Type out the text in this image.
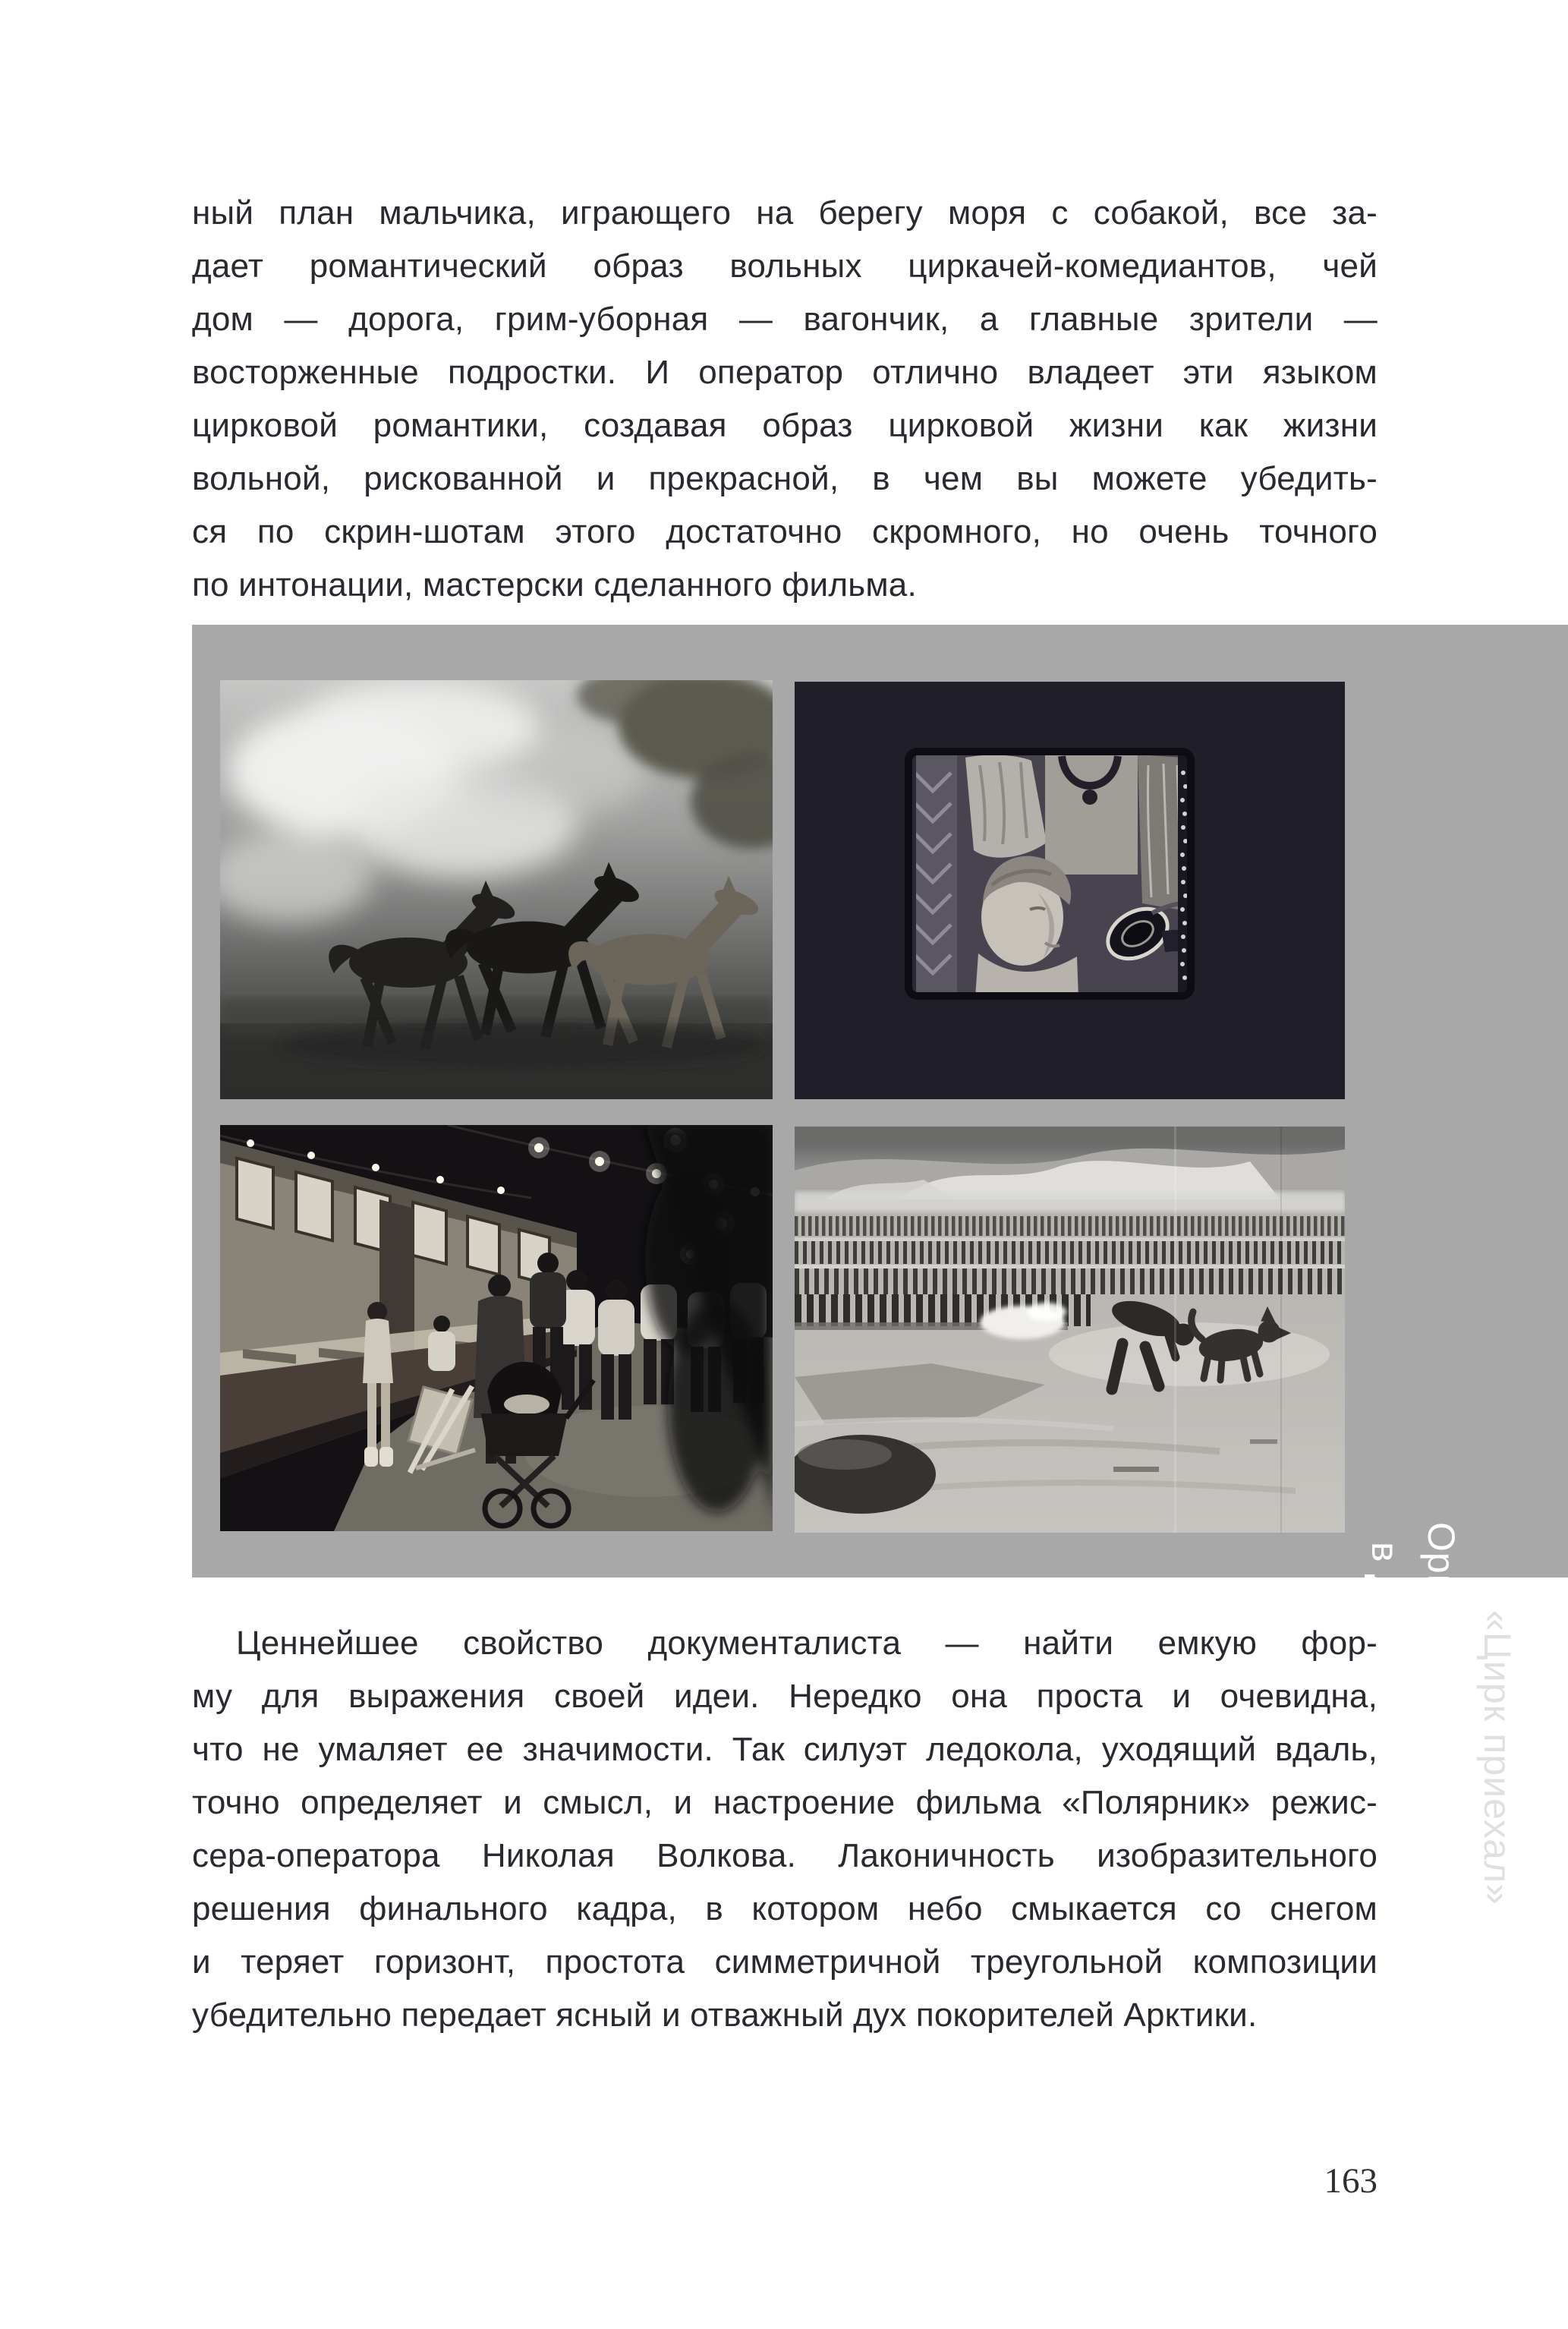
ный план мальчика, играющего на берегу моря с собакой, все за-
дает романтический образ вольных циркачей-комедиантов, чей
дом — дорога, грим-уборная — вагончик, а главные зрители —
восторженные подростки. И оператор отлично владеет эти языком
цирковой романтики, создавая образ цирковой жизни как жизни
вольной, рискованной и прекрасной, в чем вы можете убедить-
ся по скрин-шотам этого достаточно скромного, но очень точного
по интонации, мастерски сделанного фильма.
«Цирк приехал»
Органичность постановки
в документальном кино
Ценнейшее свойство документалиста — найти емкую фор-
му для выражения своей идеи. Нередко она проста и очевидна,
что не умаляет ее значимости. Так силуэт ледокола, уходящий вдаль,
точно определяет и смысл, и настроение фильма «Полярник» режис-
сера-оператора Николая Волкова. Лаконичность изобразительного
решения финального кадра, в котором небо смыкается со снегом
и теряет горизонт, простота симметричной треугольной композиции
убедительно передает ясный и отважный дух покорителей Арктики.
163
